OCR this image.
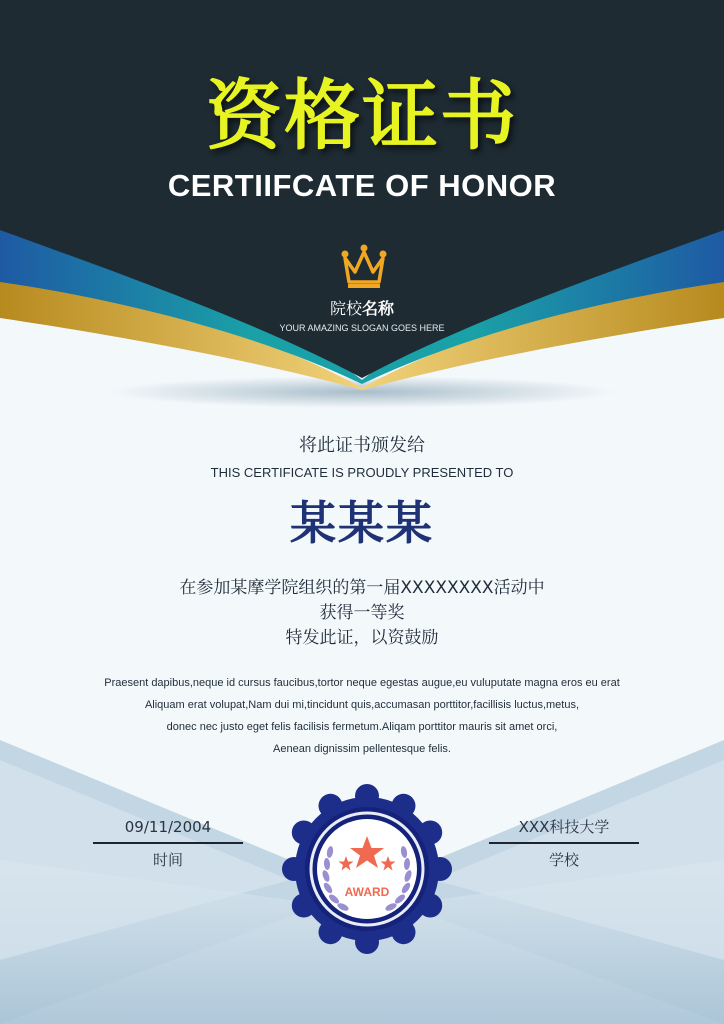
资格证书
CERTIIFCATE OF HONOR
院校名称
YOUR AMAZING SLOGAN GOES HERE
将此证书颁发给
THIS CERTIFICATE IS PROUDLY PRESENTED TO
某某某
在参加某摩学院组织的第一届XXXXXXXX活动中
获得一等奖
特发此证，以资鼓励
Praesent dapibus,neque id cursus faucibus,tortor neque egestas augue,eu vuluputate magna eros eu erat
Aliquam erat volupat,Nam dui mi,tincidunt quis,accumasan porttitor,facillisis luctus,metus,
donec nec justo eget felis facilisis fermetum.Aliqam porttitor mauris sit amet orci,
Aenean dignissim pellentesque felis.
09/11/2004
时间
XXX科技大学
学校
AWARD
